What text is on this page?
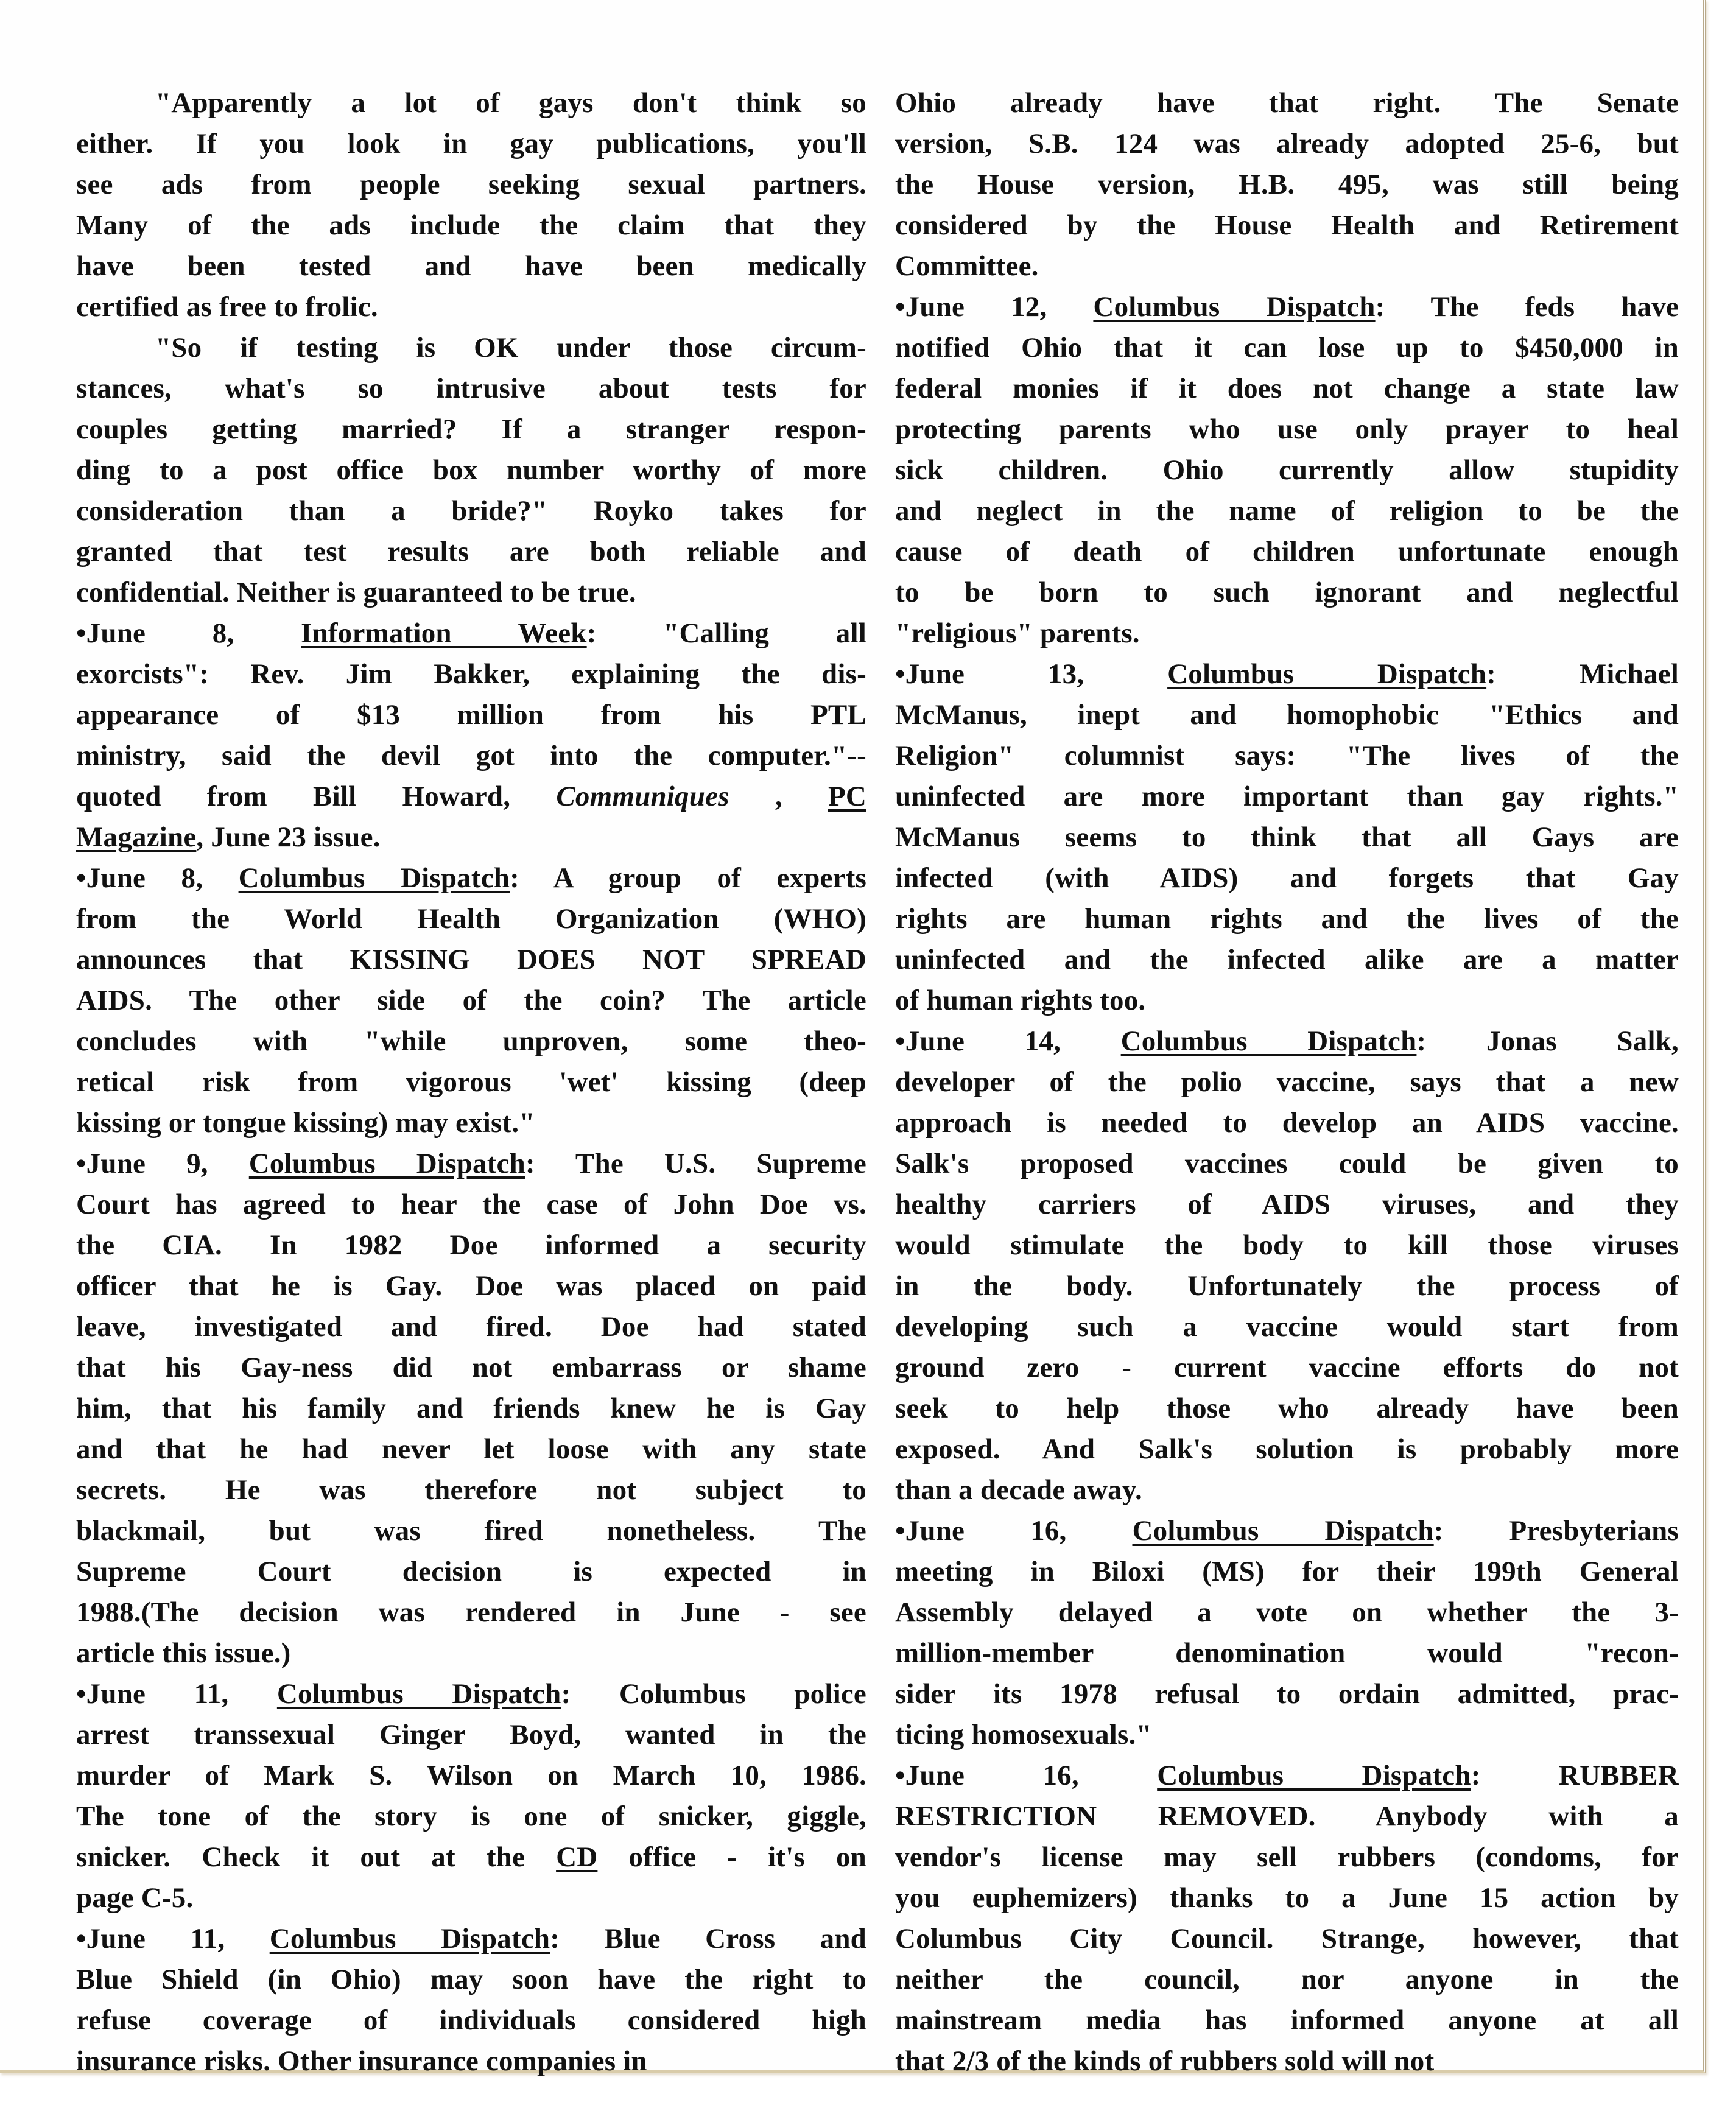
"Apparently a lot of gays don't think so
either. If you look in gay publications, you'll
see ads from people seeking sexual partners.
Many of the ads include the claim that they
have been tested and have been medically
certified as free to frolic.
"So if testing is OK under those circum-
stances, what's so intrusive about tests for
couples getting married? If a stranger respon-
ding to a post office box number worthy of more
consideration than a bride?" Royko takes for
granted that test results are both reliable and
confidential. Neither is guaranteed to be true.
•June 8, Information Week: "Calling all
exorcists": Rev. Jim Bakker, explaining the dis-
appearance of $13 million from his PTL
ministry, said the devil got into the computer."--
quoted from Bill Howard, Communiques , PC
Magazine, June 23 issue.
•June 8, Columbus Dispatch: A group of experts
from the World Health Organization (WHO)
announces that KISSING DOES NOT SPREAD
AIDS. The other side of the coin? The article
concludes with "while unproven, some theo-
retical risk from vigorous 'wet' kissing (deep
kissing or tongue kissing) may exist."
•June 9, Columbus Dispatch: The U.S. Supreme
Court has agreed to hear the case of John Doe vs.
the CIA. In 1982 Doe informed a security
officer that he is Gay. Doe was placed on paid
leave, investigated and fired. Doe had stated
that his Gay-ness did not embarrass or shame
him, that his family and friends knew he is Gay
and that he had never let loose with any state
secrets. He was therefore not subject to
blackmail, but was fired nonetheless. The
Supreme Court decision is expected in
1988.(The decision was rendered in June - see
article this issue.)
•June 11, Columbus Dispatch: Columbus police
arrest transsexual Ginger Boyd, wanted in the
murder of Mark S. Wilson on March 10, 1986.
The tone of the story is one of snicker, giggle,
snicker. Check it out at the CD office - it's on
page C-5.
•June 11, Columbus Dispatch: Blue Cross and
Blue Shield (in Ohio) may soon have the right to
refuse coverage of individuals considered high
insurance risks. Other insurance companies in
Ohio already have that right. The Senate
version, S.B. 124 was already adopted 25-6, but
the House version, H.B. 495, was still being
considered by the House Health and Retirement
Committee.
•June 12, Columbus Dispatch: The feds have
notified Ohio that it can lose up to $450,000 in
federal monies if it does not change a state law
protecting parents who use only prayer to heal
sick children. Ohio currently allow stupidity
and neglect in the name of religion to be the
cause of death of children unfortunate enough
to be born to such ignorant and neglectful
"religious" parents.
•June 13, Columbus Dispatch: Michael
McManus, inept and homophobic "Ethics and
Religion" columnist says: "The lives of the
uninfected are more important than gay rights."
McManus seems to think that all Gays are
infected (with AIDS) and forgets that Gay
rights are human rights and the lives of the
uninfected and the infected alike are a matter
of human rights too.
•June 14, Columbus Dispatch: Jonas Salk,
developer of the polio vaccine, says that a new
approach is needed to develop an AIDS vaccine.
Salk's proposed vaccines could be given to
healthy carriers of AIDS viruses, and they
would stimulate the body to kill those viruses
in the body. Unfortunately the process of
developing such a vaccine would start from
ground zero - current vaccine efforts do not
seek to help those who already have been
exposed. And Salk's solution is probably more
than a decade away.
•June 16, Columbus Dispatch: Presbyterians
meeting in Biloxi (MS) for their 199th General
Assembly delayed a vote on whether the 3-
million-member denomination would "recon-
sider its 1978 refusal to ordain admitted, prac-
ticing homosexuals."
•June 16, Columbus Dispatch: RUBBER
RESTRICTION REMOVED. Anybody with a
vendor's license may sell rubbers (condoms, for
you euphemizers) thanks to a June 15 action by
Columbus City Council. Strange, however, that
neither the council, nor anyone in the
mainstream media has informed anyone at all
that 2/3 of the kinds of rubbers sold will not
